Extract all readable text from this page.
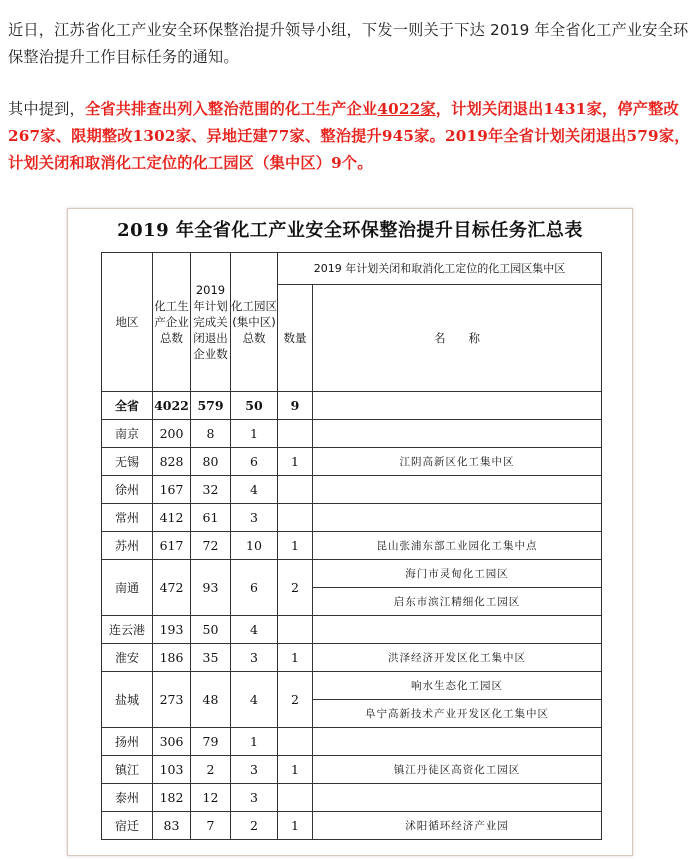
近日，江苏省化工产业安全环保整治提升领导小组，下发一则关于下达 2019 年全省化工产业安全环保整治提升工作目标任务的通知。

其中提到，全省共排查出列入整治范围的化工生产企业4022家，计划关闭退出1431家，停产整改267家、限期整改1302家、异地迁建77家、整治提升945家。2019年全省计划关闭退出579家，计划关闭和取消化工定位的化工园区（集中区）9个。

2019 年全省化工产业安全环保整治提升目标任务汇总表
地区	化工生产企业总数	2019年计划完成关闭退出企业数	化工园区(集中区)总数	2019 年计划关闭和取消化工定位的化工园区集中区	
				数量	名　　称
全省	4022	579	50	9	
南京	200	8	1		
无锡	828	80	6	1	江阴高新区化工集中区
徐州	167	32	4		
常州	412	61	3		
苏州	617	72	10	1	昆山张浦东部工业园化工集中点
南通	472	93	6	2	海门市灵甸化工园区
					启东市滨江精细化工园区
连云港	193	50	4		
淮安	186	35	3	1	洪泽经济开发区化工集中区
盐城	273	48	4	2	响水生态化工园区
					阜宁高新技术产业开发区化工集中区
扬州	306	79	1		
镇江	103	2	3	1	镇江丹徒区高资化工园区
泰州	182	12	3		
宿迁	83	7	2	1	沭阳循环经济产业园
